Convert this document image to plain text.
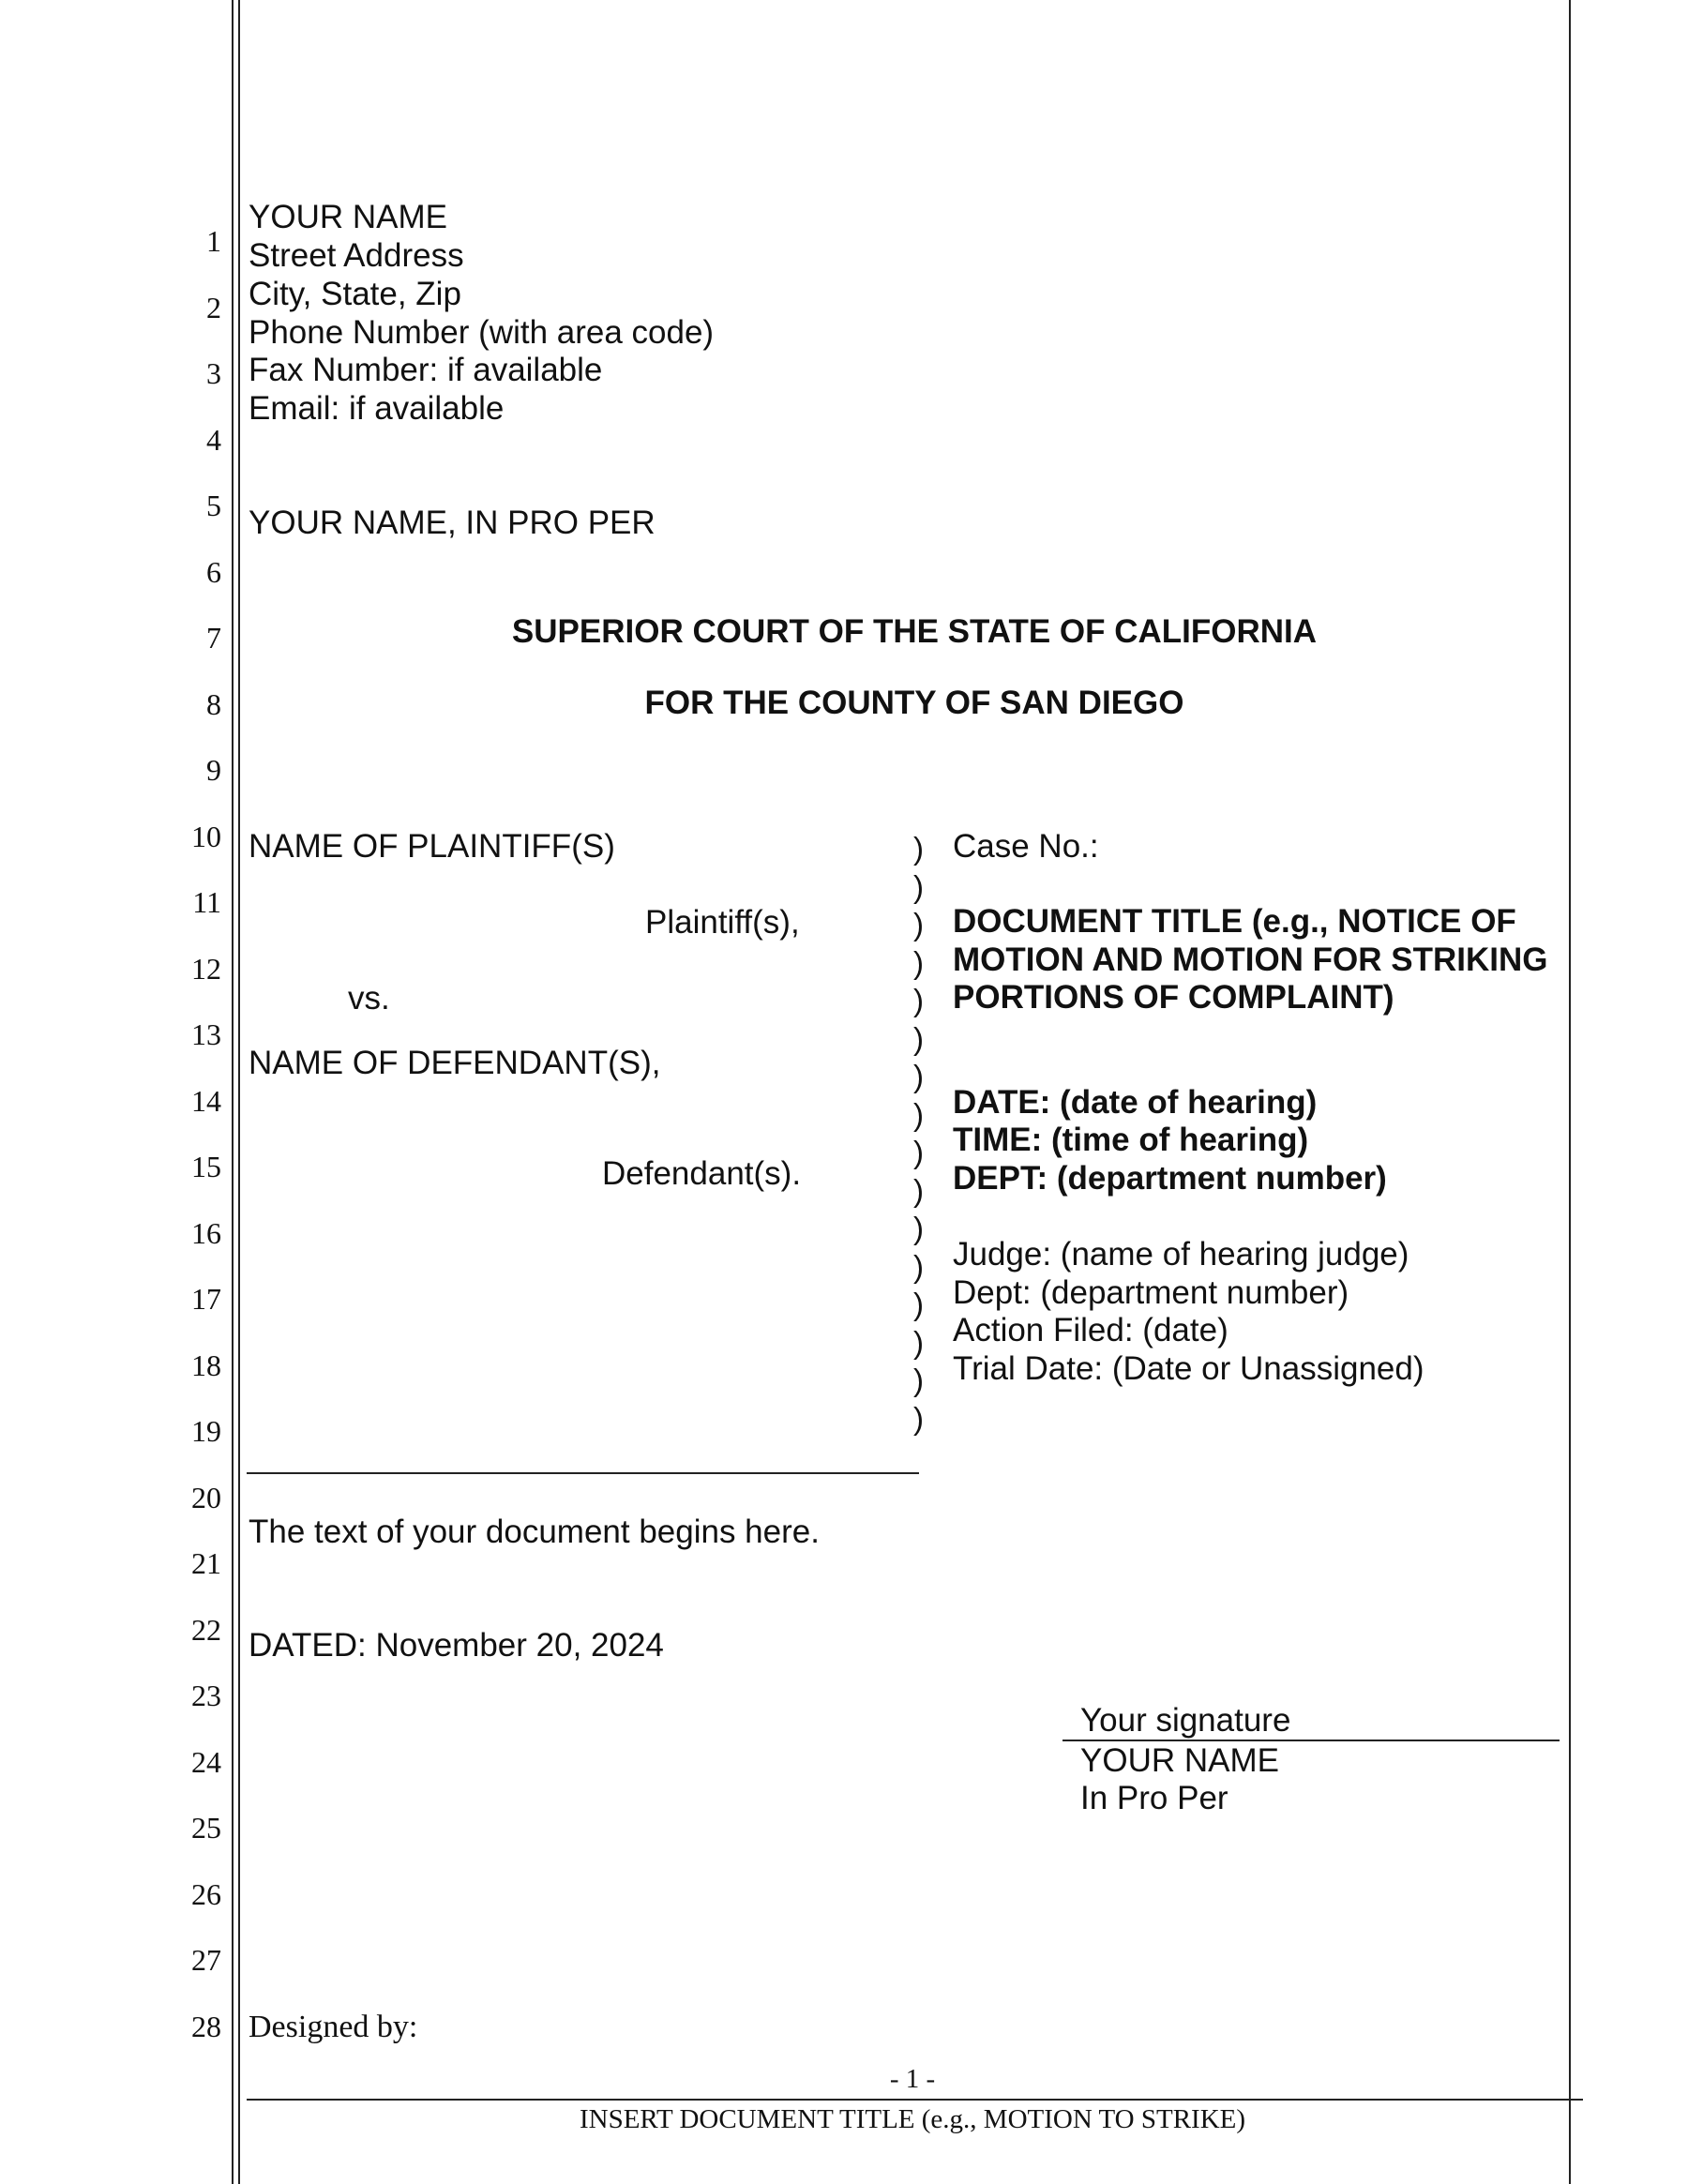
1
2
3
4
5
6
7
8
9
10
11
12
13
14
15
16
17
18
19
20
21
22
23
24
25
26
27
28
YOUR NAME
Street Address
City, State, Zip
Phone Number (with area code)
Fax Number: if available
Email: if available
YOUR NAME, IN PRO PER
SUPERIOR COURT OF THE STATE OF CALIFORNIA
FOR THE COUNTY OF SAN DIEGO
NAME OF PLAINTIFF(S)
Plaintiff(s),
vs.
NAME OF DEFENDANT(S),
Defendant(s).
)
)
)
)
)
)
)
)
)
)
)
)
)
)
)
)
Case No.:
DOCUMENT TITLE (e.g., NOTICE OF
MOTION AND MOTION FOR STRIKING
PORTIONS OF COMPLAINT)
DATE: (date of hearing)
TIME: (time of hearing)
DEPT: (department number)
Judge: (name of hearing judge)
Dept: (department number)
Action Filed: (date)
Trial Date: (Date or Unassigned)
The text of your document begins here.
DATED: November 20, 2024
Your signature
YOUR NAME
In Pro Per
Designed by:
- 1 -
INSERT DOCUMENT TITLE (e.g., MOTION TO STRIKE)
